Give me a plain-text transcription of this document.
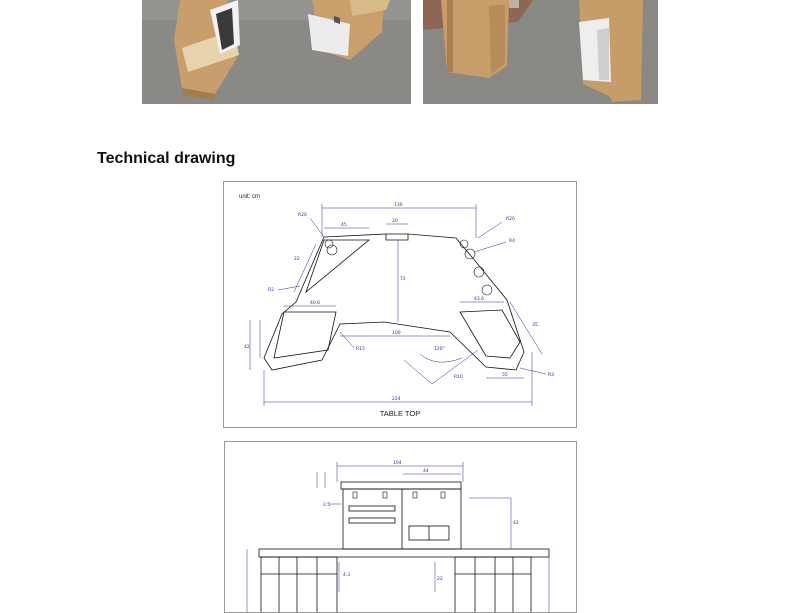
Technical drawing
unit: cm
130
45
20
R20
R20
R4
22
72
R2
40.6
43.6
100
R15
224
55	R3
35
42	120°
R10
TABLE TOP
104
44
2.5
42
4.3
22
